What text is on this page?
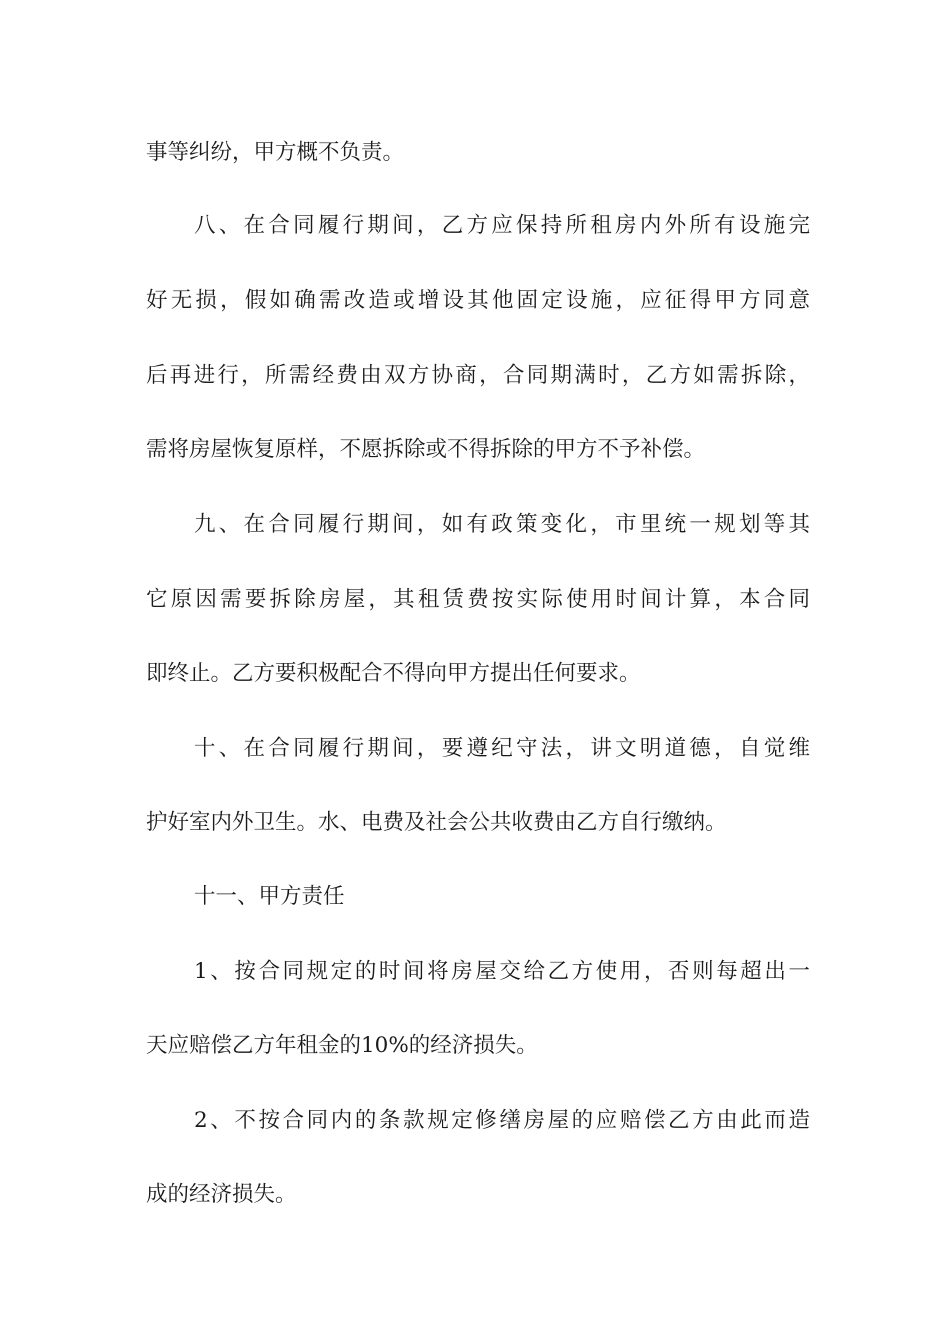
事等纠纷，甲方概不负责。
八、在合同履行期间，乙方应保持所租房内外所有设施完
好无损，假如确需改造或增设其他固定设施，应征得甲方同意
后再进行，所需经费由双方协商，合同期满时，乙方如需拆除，
需将房屋恢复原样，不愿拆除或不得拆除的甲方不予补偿。
九、在合同履行期间，如有政策变化，市里统一规划等其
它原因需要拆除房屋，其租赁费按实际使用时间计算，本合同
即终止。乙方要积极配合不得向甲方提出任何要求。
十、在合同履行期间，要遵纪守法，讲文明道德，自觉维
护好室内外卫生。水、电费及社会公共收费由乙方自行缴纳。
十一、甲方责任
1、按合同规定的时间将房屋交给乙方使用，否则每超出一
天应赔偿乙方年租金的10%的经济损失。
2、不按合同内的条款规定修缮房屋的应赔偿乙方由此而造
成的经济损失。
